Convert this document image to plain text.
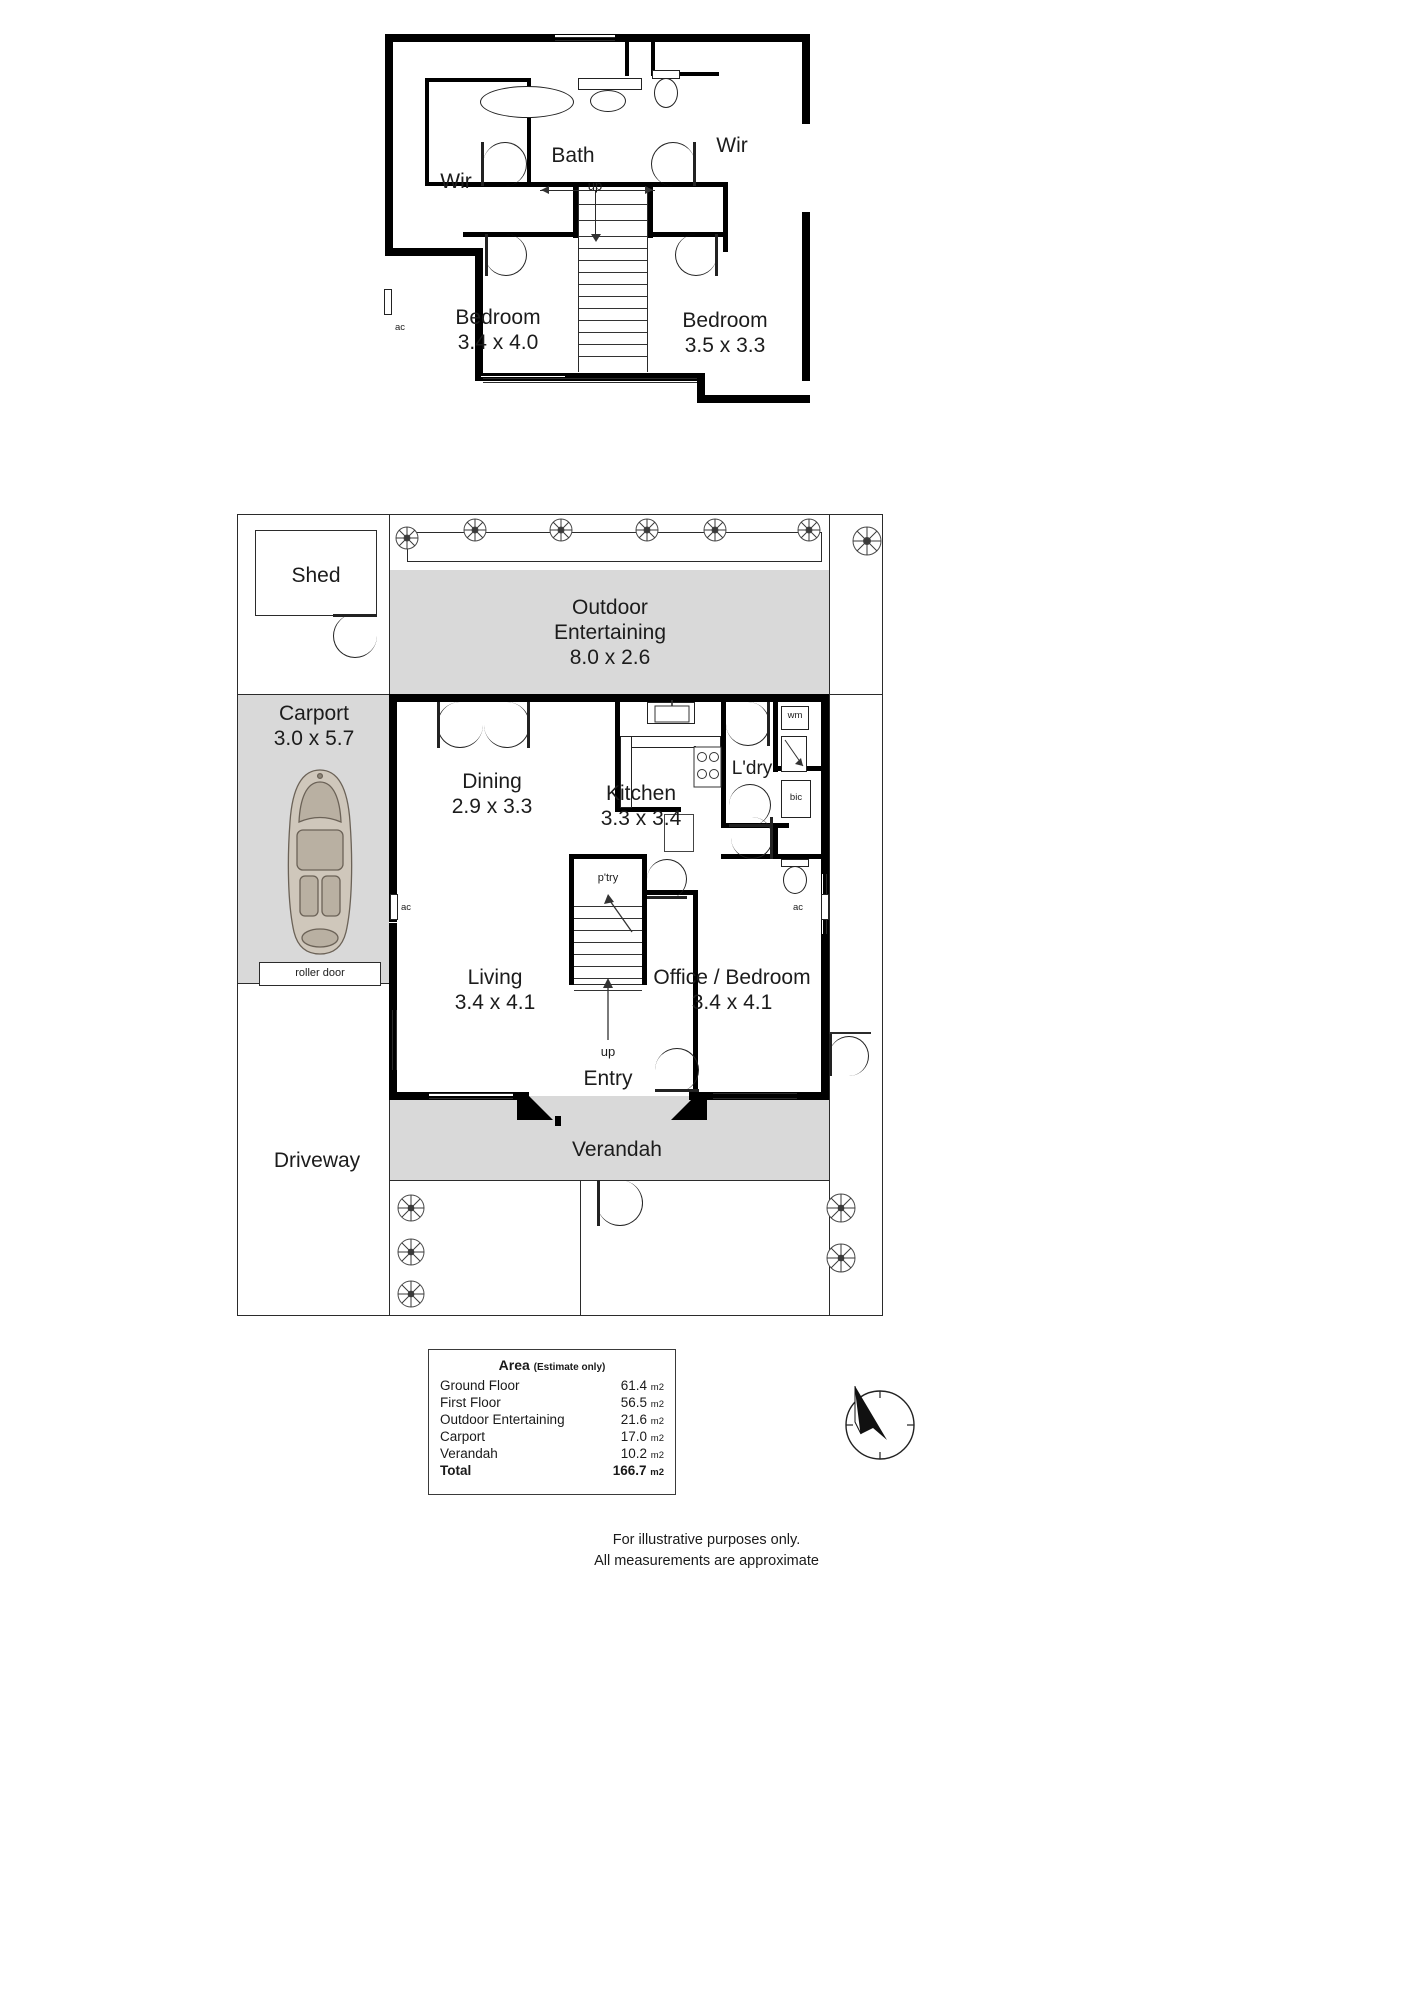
up
Wir
Bath	Wir
Bedroom
3.4 x 4.0
Bedroom
3.5 x 3.3
ac
Shed
Carport
3.0 x 5.7
roller door
Driveway
Outdoor
Entertaining
8.0 x 2.6
wm
bic
p'try
up
ac	ac
Dining
2.9 x 3.3
Kitchen
3.3 x 3.4
L'dry
Living
3.4 x 4.1
Office / Bedroom
3.4 x 4.1
Entry
Verandah
Area (Estimate only)
Ground Floor	61.4 m2
First Floor	56.5 m2
Outdoor Entertaining	21.6 m2
Carport	17.0 m2
Verandah	10.2 m2
Total	166.7 m2
For illustrative purposes only.
All measurements are approximate
